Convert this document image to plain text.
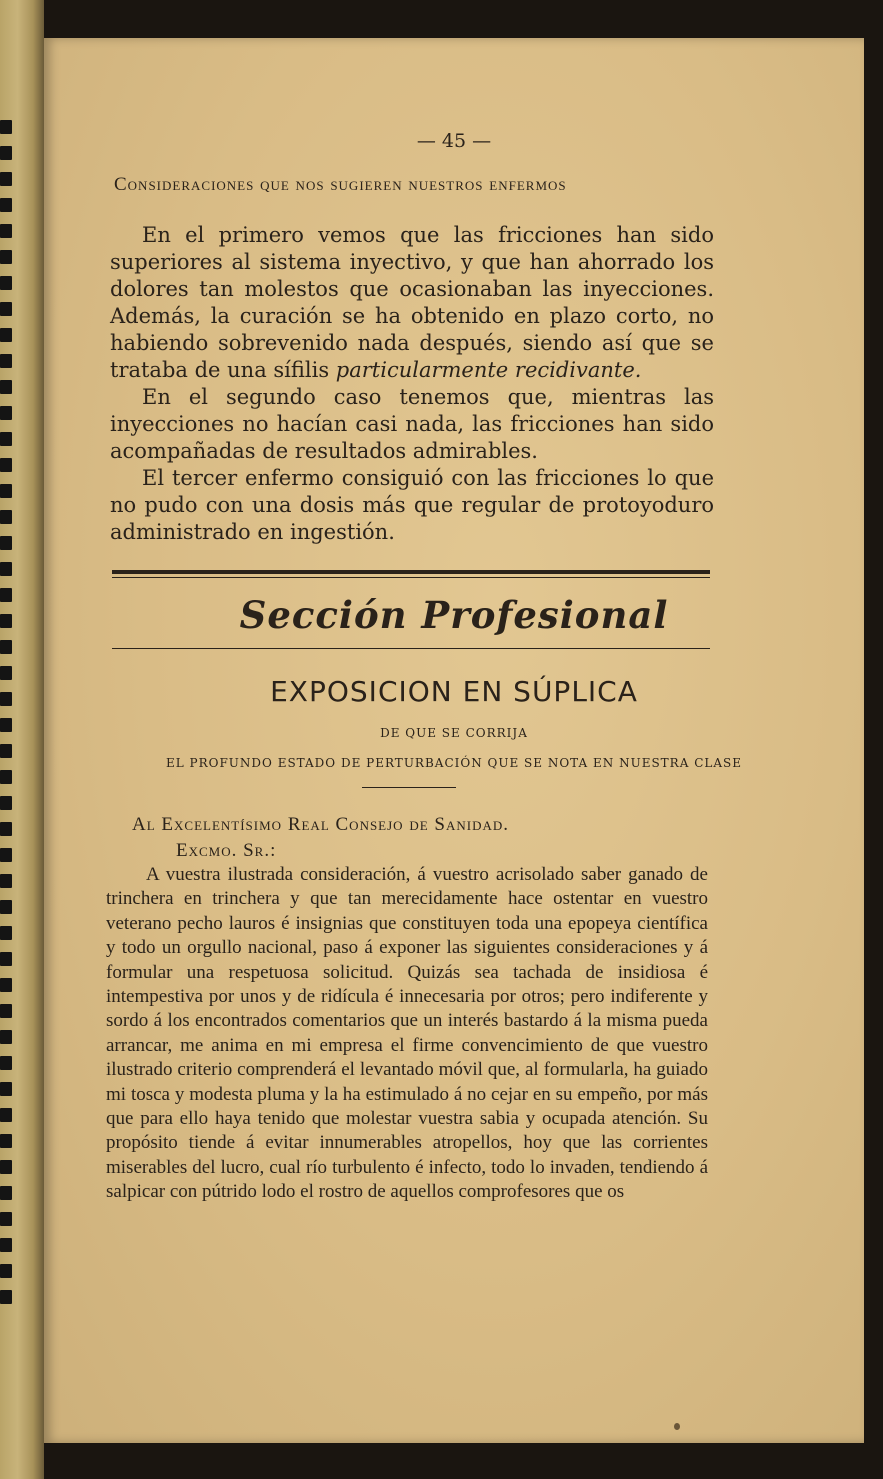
— 45 —
Consideraciones que nos sugieren nuestros enfermos

En el primero vemos que las fricciones han sido superiores al sistema inyectivo, y que han ahorrado los dolores tan molestos que ocasionaban las inyecciones. Además, la curación se ha obtenido en plazo corto, no habiendo sobrevenido nada después, siendo así que se trataba de una sífilis particularmente recidivante.

En el segundo caso tenemos que, mientras las inyecciones no hacían casi nada, las fricciones han sido acompañadas de resultados admirables.

El tercer enfermo consiguió con las fricciones lo que no pudo con una dosis más que regular de protoyoduro administrado en ingestión.

Sección Profesional
EXPOSICION EN SÚPLICA
DE QUE SE CORRIJA
EL PROFUNDO ESTADO DE PERTURBACIÓN QUE SE NOTA EN NUESTRA CLASE
Al Excelentísimo Real Consejo de Sanidad.
Excmo. Sr.:

A vuestra ilustrada consideración, á vuestro acrisolado saber ganado de trinchera en trinchera y que tan merecidamente hace ostentar en vuestro veterano pecho lauros é insignias que constituyen toda una epopeya científica y todo un orgullo nacional, paso á exponer las siguientes consideraciones y á formular una respetuosa solicitud. Quizás sea tachada de insidiosa é intempestiva por unos y de ridícula é innecesaria por otros; pero indiferente y sordo á los encontrados comentarios que un interés bastardo á la misma pueda arrancar, me anima en mi empresa el firme convencimiento de que vuestro ilustrado criterio comprenderá el levantado móvil que, al formularla, ha guiado mi tosca y modesta pluma y la ha estimulado á no cejar en su empeño, por más que para ello haya tenido que molestar vuestra sabia y ocupada atención. Su propósito tiende á evitar innumerables atropellos, hoy que las corrientes miserables del lucro, cual río turbulento é infecto, todo lo invaden, tendiendo á salpicar con pútrido lodo el rostro de aquellos comprofesores que os
